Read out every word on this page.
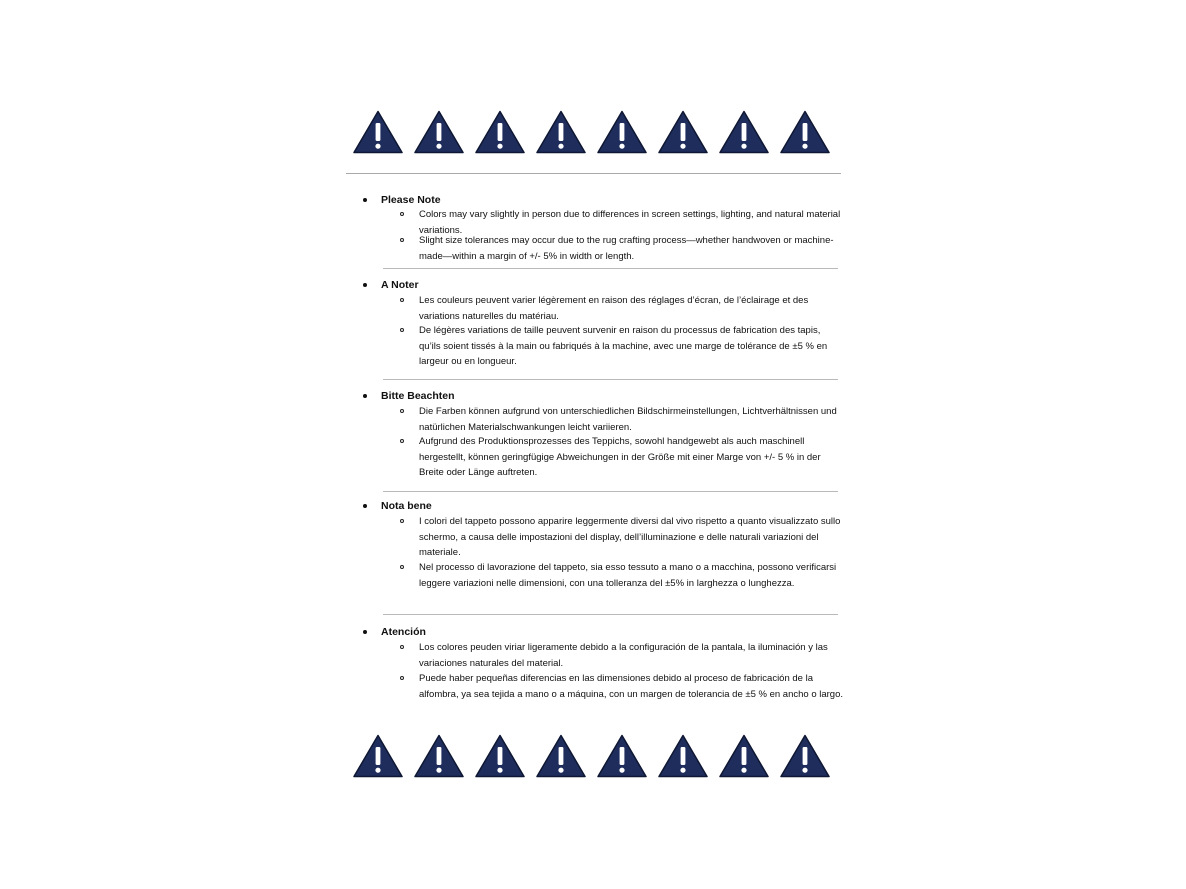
Please Note
Colors may vary slightly in person due to differences in screen settings, lighting, and natural material variations.
Slight size tolerances may occur due to the rug crafting process—whether handwoven or machine-made—within a margin of +/- 5% in width or length.
A Noter
Les couleurs peuvent varier légèrement en raison des réglages d’écran, de l’éclairage et des variations naturelles du matériau.
De légères variations de taille peuvent survenir en raison du processus de fabrication des tapis, qu’ils soient tissés à la main ou fabriqués à la machine, avec une marge de tolérance de ±5 % en largeur ou en longueur.
Bitte Beachten
Die Farben können aufgrund von unterschiedlichen Bildschirmeinstellungen, Lichtverhältnissen und natürlichen Materialschwankungen leicht variieren.
Aufgrund des Produktionsprozesses des Teppichs, sowohl handgewebt als auch maschinell hergestellt, können geringfügige Abweichungen in der Größe mit einer Marge von +/- 5 % in der Breite oder Länge auftreten.
Nota bene
I colori del tappeto possono apparire leggermente diversi dal vivo rispetto a quanto visualizzato sullo schermo, a causa delle impostazioni del display, dell’illuminazione e delle naturali variazioni del materiale.
Nel processo di lavorazione del tappeto, sia esso tessuto a mano o a macchina, possono verificarsi leggere variazioni nelle dimensioni, con una tolleranza del ±5% in larghezza o lunghezza.
Atención
Los colores peuden viriar ligeramente debido a la configuración de la pantala, la iluminación y las variaciones naturales del material.
Puede haber pequeñas diferencias en las dimensiones debido al proceso de fabricación de la alfombra, ya sea tejida a mano o a máquina, con un margen de tolerancia de ±5 % en ancho o largo.
